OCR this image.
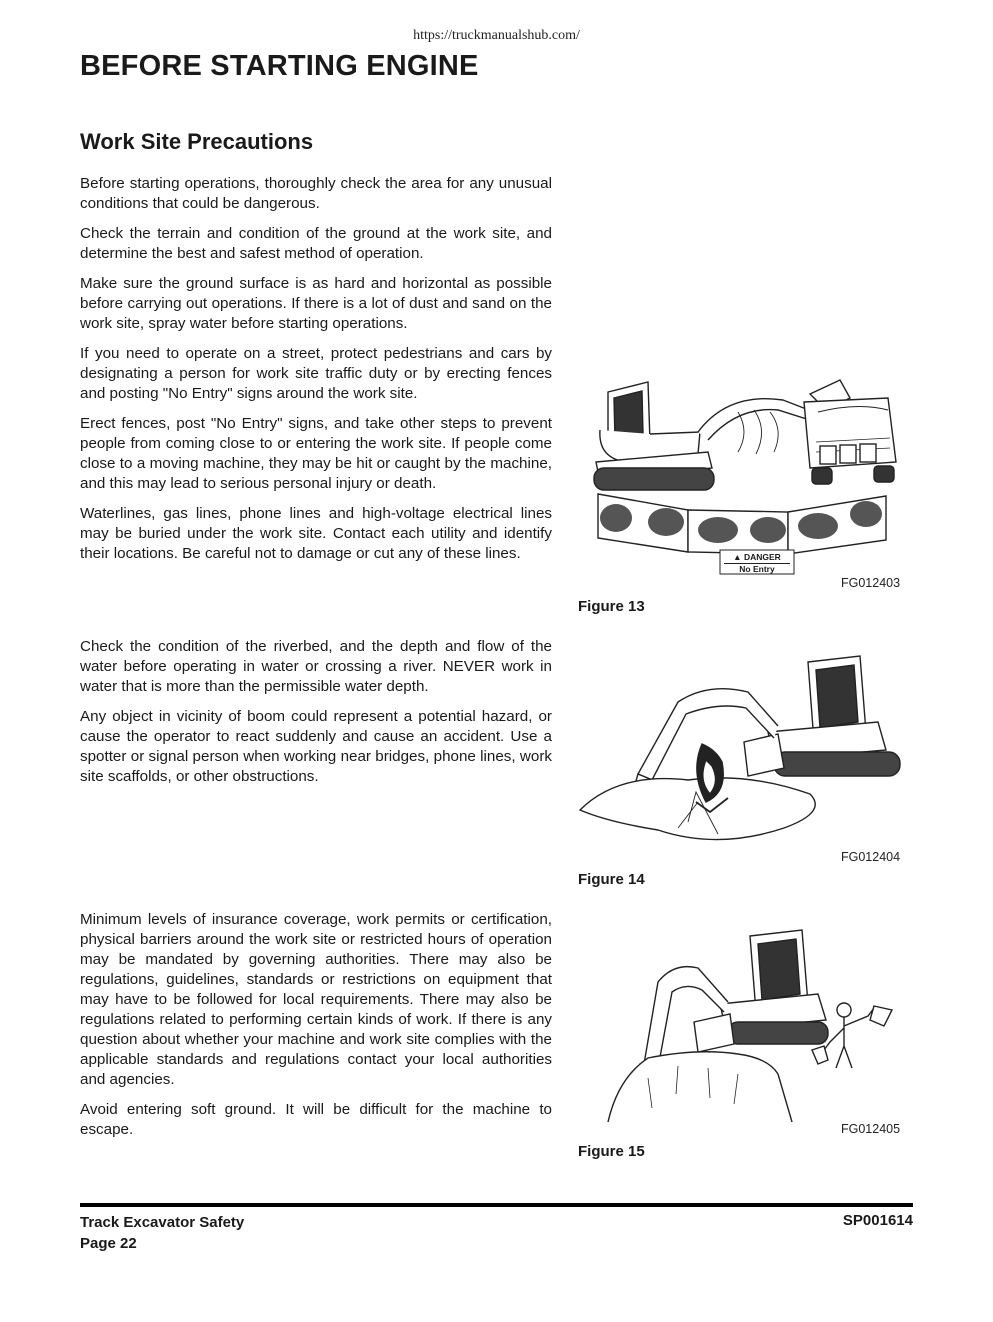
https://truckmanualshub.com/
BEFORE STARTING ENGINE
Work Site Precautions

Before starting operations, thoroughly check the area for any unusual conditions that could be dangerous.

Check the terrain and condition of the ground at the work site, and determine the best and safest method of operation.

Make sure the ground surface is as hard and horizontal as possible before carrying out operations. If there is a lot of dust and sand on the work site, spray water before starting operations.

If you need to operate on a street, protect pedestrians and cars by designating a person for work site traffic duty or by erecting fences and posting "No Entry" signs around the work site.

Erect fences, post "No Entry" signs, and take other steps to prevent people from coming close to or entering the work site. If people come close to a moving machine, they may be hit or caught by the machine, and this may lead to serious personal injury or death.

Waterlines, gas lines, phone lines and high-voltage electrical lines may be buried under the work site. Contact each utility and identify their locations. Be careful not to damage or cut any of these lines.

Check the condition of the riverbed, and the depth and flow of the water before operating in water or crossing a river. NEVER work in water that is more than the permissible water depth.

Any object in vicinity of boom could represent a potential hazard, or cause the operator to react suddenly and cause an accident. Use a spotter or signal person when working near bridges, phone lines, work site scaffolds, or other obstructions.

Minimum levels of insurance coverage, work permits or certification, physical barriers around the work site or restricted hours of operation may be mandated by governing authorities. There may also be regulations, guidelines, standards or restrictions on equipment that may have to be followed for local requirements. There may also be regulations related to performing certain kinds of work. If there is any question about whether your machine and work site complies with the applicable standards and regulations contact your local authorities and agencies.

Avoid entering soft ground. It will be difficult for the machine to escape.

▲ DANGER
No Entry
FG012403
Figure 13
FG012404
Figure 14
FG012405
Figure 15
Track Excavator Safety
Page 22
SP001614
